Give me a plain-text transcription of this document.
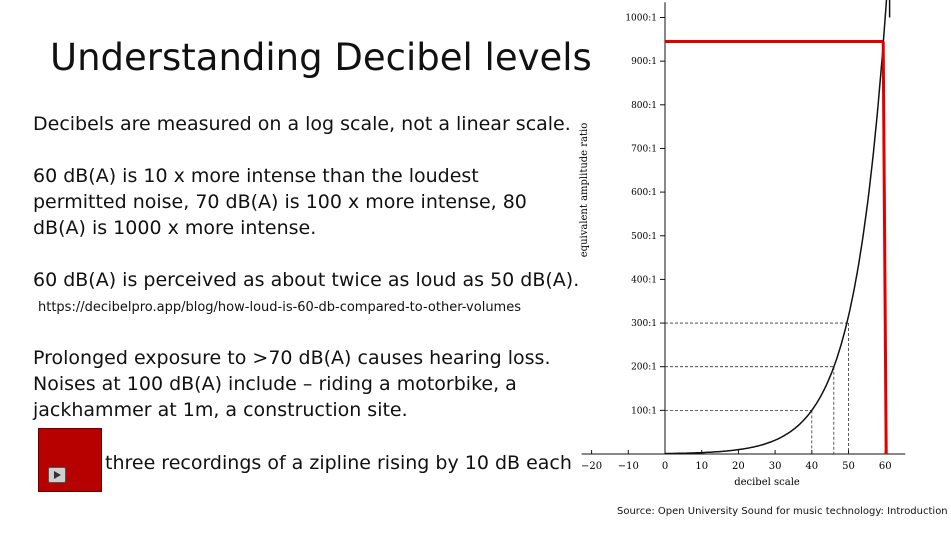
Understanding Decibel levels
Decibels are measured on a log scale, not a linear scale.
60 dB(A) is 10 x more intense than the loudest permitted noise, 70 dB(A) is 100 x more intense, 80 dB(A) is 1000 x more intense.
60 dB(A) is perceived as about twice as loud as 50 dB(A).
https://decibelpro.app/blog/how-loud-is-60-db-compared-to-other-volumes
Prolonged exposure to >70 dB(A) causes hearing loss. Noises at 100 dB(A) include – riding a motorbike, a jackhammer at 1m, a construction site.
three recordings of a zipline rising by 10 dB each −20 −10 0	10 20 30 40 50 60
100:1
200:1
300:1
400:1
500:1
600:1
700:1
800:1
900:1
1000:1
decibel scale
equivalent amplitude ratio
Source: Open University Sound for music technology: Introduction
